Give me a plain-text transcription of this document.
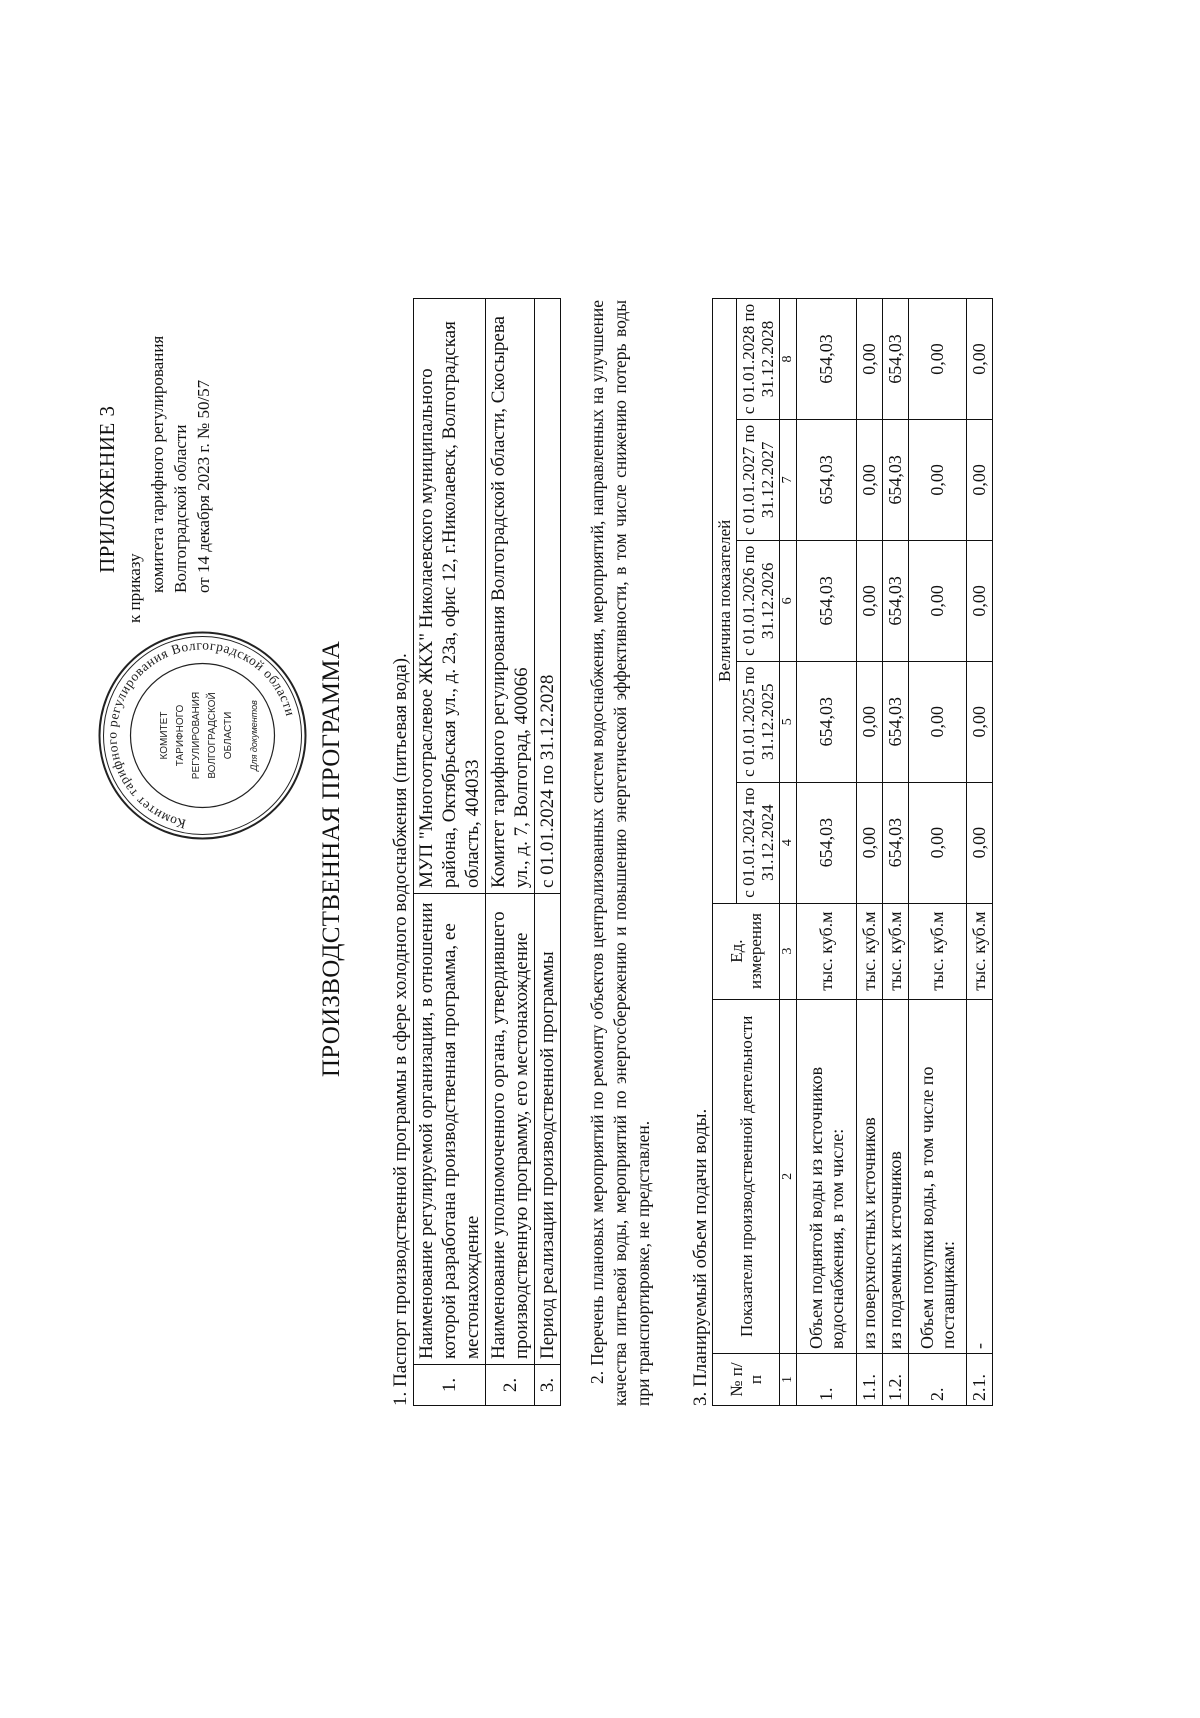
ПРИЛОЖЕНИЕ 3
к приказу комитета тарифного регулирования Волгоградской области от 14 декабря 2023 г. № 50/57
Комитет тарифного регулирования Волгоградской области
КОМИТЕТ ТАРИФНОГО РЕГУЛИРОВАНИЯ ВОЛГОГРАДСКОЙ ОБЛАСТИ Для документов ПРОИЗВОДСТВЕННАЯ ПРОГРАММА 1. Паспорт производственной программы в сфере холодного водоснабжения (питьевая вода). 1.	Наименование регулируемой организации, в отношении которой разработана производственная программа, ее местонахождение	МУП "Многоотраслевое ЖКХ" Николаевского муниципального района, Октябрьская ул., д. 23а, офис 12, г.Николаевск, Волгоградская область, 404033
2.	Наименование уполномоченного органа, утвердившего производственную программу, его местонахождение	Комитет тарифного регулирования Волгоградской области, Скосырева ул., д. 7, Волгоград, 400066
3.	Период реализации производственной программы	с 01.01.2024 по 31.12.2028 2. Перечень плановых мероприятий по ремонту объектов централизованных систем водоснабжения, мероприятий, направленных на улучшение качества питьевой воды, мероприятий по энергосбережению и повышению энергетической эффективности, в том числе снижению потерь воды при транспортировке, не представлен. 3. Планируемый объем подачи воды. № п/п	Показатели производственной деятельности	Ед. измерения	Величина показателей				
			с 01.01.2024 по 31.12.2024	с 01.01.2025 по 31.12.2025	с 01.01.2026 по 31.12.2026	с 01.01.2027 по 31.12.2027	с 01.01.2028 по 31.12.2028
1	2	3	4	5	6	7	8
1.	Объем поднятой воды из источников водоснабжения, в том числе:	тыс. куб.м	654,03	654,03	654,03	654,03	654,03
1.1.	из поверхностных источников	тыс. куб.м	0,00	0,00	0,00	0,00	0,00
1.2.	из подземных источников	тыс. куб.м	654,03	654,03	654,03	654,03	654,03
2.	Объем покупки воды, в том числе по поставщикам:	тыс. куб.м	0,00	0,00	0,00	0,00	0,00
2.1.	-	тыс. куб.м	0,00	0,00	0,00	0,00	0,00
